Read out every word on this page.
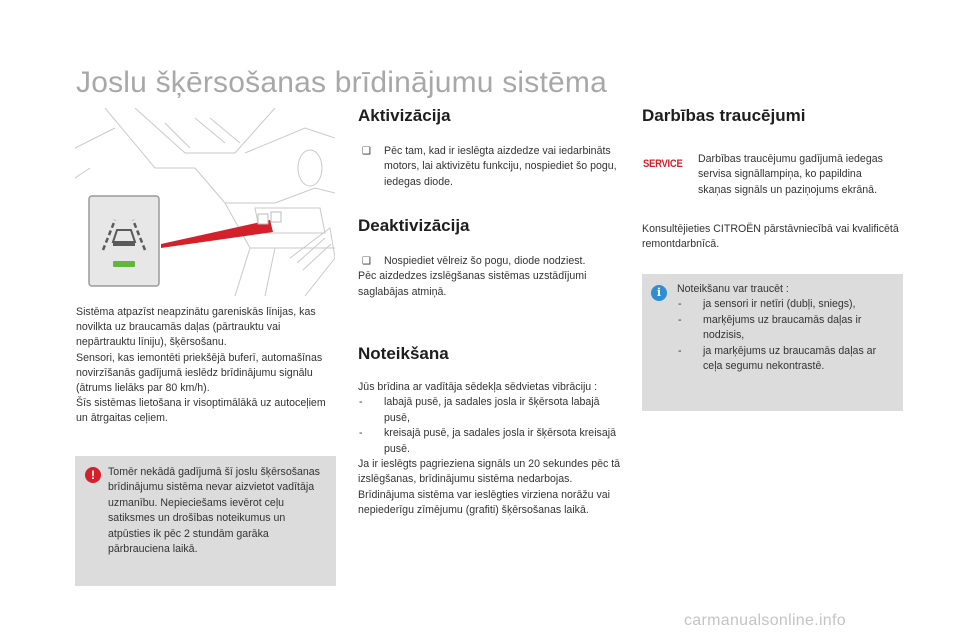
Joslu šķērsošanas brīdinājumu sistēma

Sistēma atpazīst neapzinātu gareniskās līnijas, kas novilkta uz braucamās daļas (pārtrauktu vai nepārtrauktu līniju), šķērsošanu.

Sensori, kas iemontēti priekšējā buferī, automašīnas novirzīšanās gadījumā ieslēdz brīdinājumu signālu (ātrums lielāks par 80 km/h).

Šīs sistēmas lietošana ir visoptimālākā uz autoceļiem un ātrgaitas ceļiem.

!	Tomēr nekādā gadījumā šī joslu šķērsošanas brīdinājumu sistēma nevar aizvietot vadītāja uzmanību. Nepieciešams ievērot ceļu satiksmes un drošības noteikumus un atpūsties ik pēc 2 stundām garāka pārbrauciena laikā.

Aktivizācija
❑ Pēc tam, kad ir ieslēgta aizdedze vai iedarbināts motors, lai aktivizētu funkciju, nospiediet šo pogu, iedegas diode.
Deaktivizācija
❑ Nospiediet vēlreiz šo pogu, diode nodziest.

Pēc aizdedzes izslēgšanas sistēmas uzstādījumi saglabājas atmiņā.

Noteikšana

Jūs brīdina ar vadītāja sēdekļa sēdvietas vibrāciju :

- labajā pusē, ja sadales josla ir šķērsota labajā pusē,
- kreisajā pusē, ja sadales josla ir šķērsota kreisajā pusē.

Ja ir ieslēgts pagrieziena signāls un 20 sekundes pēc tā izslēgšanas, brīdinājumu sistēma nedarbojas.

Brīdinājuma sistēma var ieslēgties virziena norāžu vai nepiederīgu zīmējumu (grafiti) šķērsošanas laikā.

Darbības traucējumi
SERVICE Darbības traucējumu gadījumā iedegas servisa signāllampiņa, ko papildina skaņas signāls un paziņojums ekrānā.
Konsultējieties CITROËN pārstāvniecībā vai kvalificētā remontdarbnīcā.
i	Noteikšanu var traucēt :

- ja sensori ir netīri (dubļi, sniegs),
- marķējums uz braucamās daļas ir nodzisis,
- ja marķējums uz braucamās daļas ar ceļa segumu nekontrastē.
carmanualsonline.info
